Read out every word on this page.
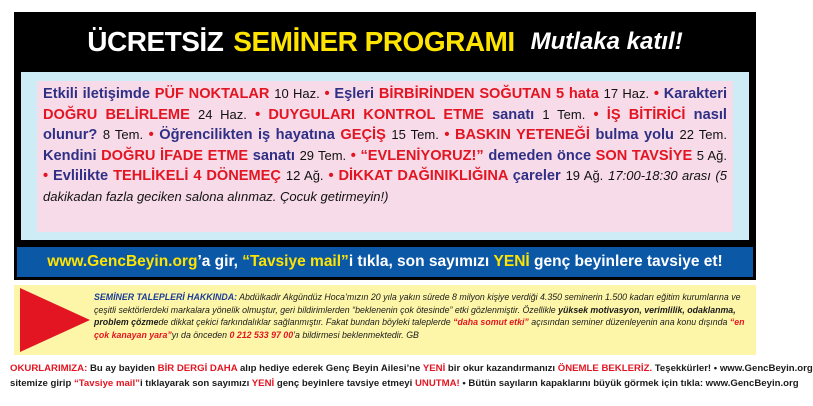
ÜCRETSİZ SEMİNER PROGRAMI Mutlaka katıl!
Etkili iletişimde PÜF NOKTALAR 10 Haz. • Eşleri BİRBİRİNDEN SOĞUTAN 5 hata 17 Haz. • Karakteri DOĞRU BELİRLEME 24 Haz. • DUYGULARI KONTROL ETME sanatı 1 Tem. • İŞ BİTİRİCİ nasıl olunur? 8 Tem. • Öğrencilikten iş hayatına GEÇİŞ 15 Tem. • BASKIN YETENEĞİ bulma yolu 22 Tem. Kendini DOĞRU İFADE ETME sanatı 29 Tem. • “EVLENİYORUZ!” demeden önce SON TAVSİYE 5 Ağ. • Evlilikte TEHLİKELİ 4 DÖNEMEÇ 12 Ağ. • DİKKAT DAĞINIKLIĞINA çareler 19 Ağ. 17:00-18:30 arası (5 dakikadan fazla geciken salona alınmaz. Çocuk getirmeyin!)
www.GencBeyin.org ’a gir,
“Tavsiye mail” i tıkla, son sayımızı
YENİ
genç beyinlere tavsiye et!
SEMİNER TALEPLERİ HAKKINDA: Abdülkadir Akgündüz Hoca’mızın 20 yıla yakın sürede 8 milyon kişiye verdiği 4.350 seminerin 1.500 kadarı eğitim kurumlarına ve çeşitli sektörlerdeki markalara yönelik olmuştur, geri bildirimlerden “beklenenin çok ötesinde” etki gözlenmiştir. Özellikle yüksek motivasyon, verimlilik, odaklanma, problem çözmede dikkat çekici farkındalıklar sağlanmıştır. Fakat bundan böyleki taleplerde “daha somut etki” açısından seminer düzenleyenin ana konu dışında “en çok kanayan yara”yı da önceden 0 212 533 97 00’a bildirmesi beklenmektedir. GB
OKURLARIMIZA: Bu ay bayiden BİR DERGİ DAHA alıp hediye ederek Genç Beyin Ailesi’ne YENİ bir okur kazandırmanızı ÖNEMLE BEKLERİZ. Teşekkürler! • www.GencBeyin.org
sitemize girip “Tavsiye mail”i tıklayarak son sayımızı YENİ genç beyinlere tavsiye etmeyi UNUTMA! • Bütün sayıların kapaklarını büyük görmek için tıkla: www.GencBeyin.org
